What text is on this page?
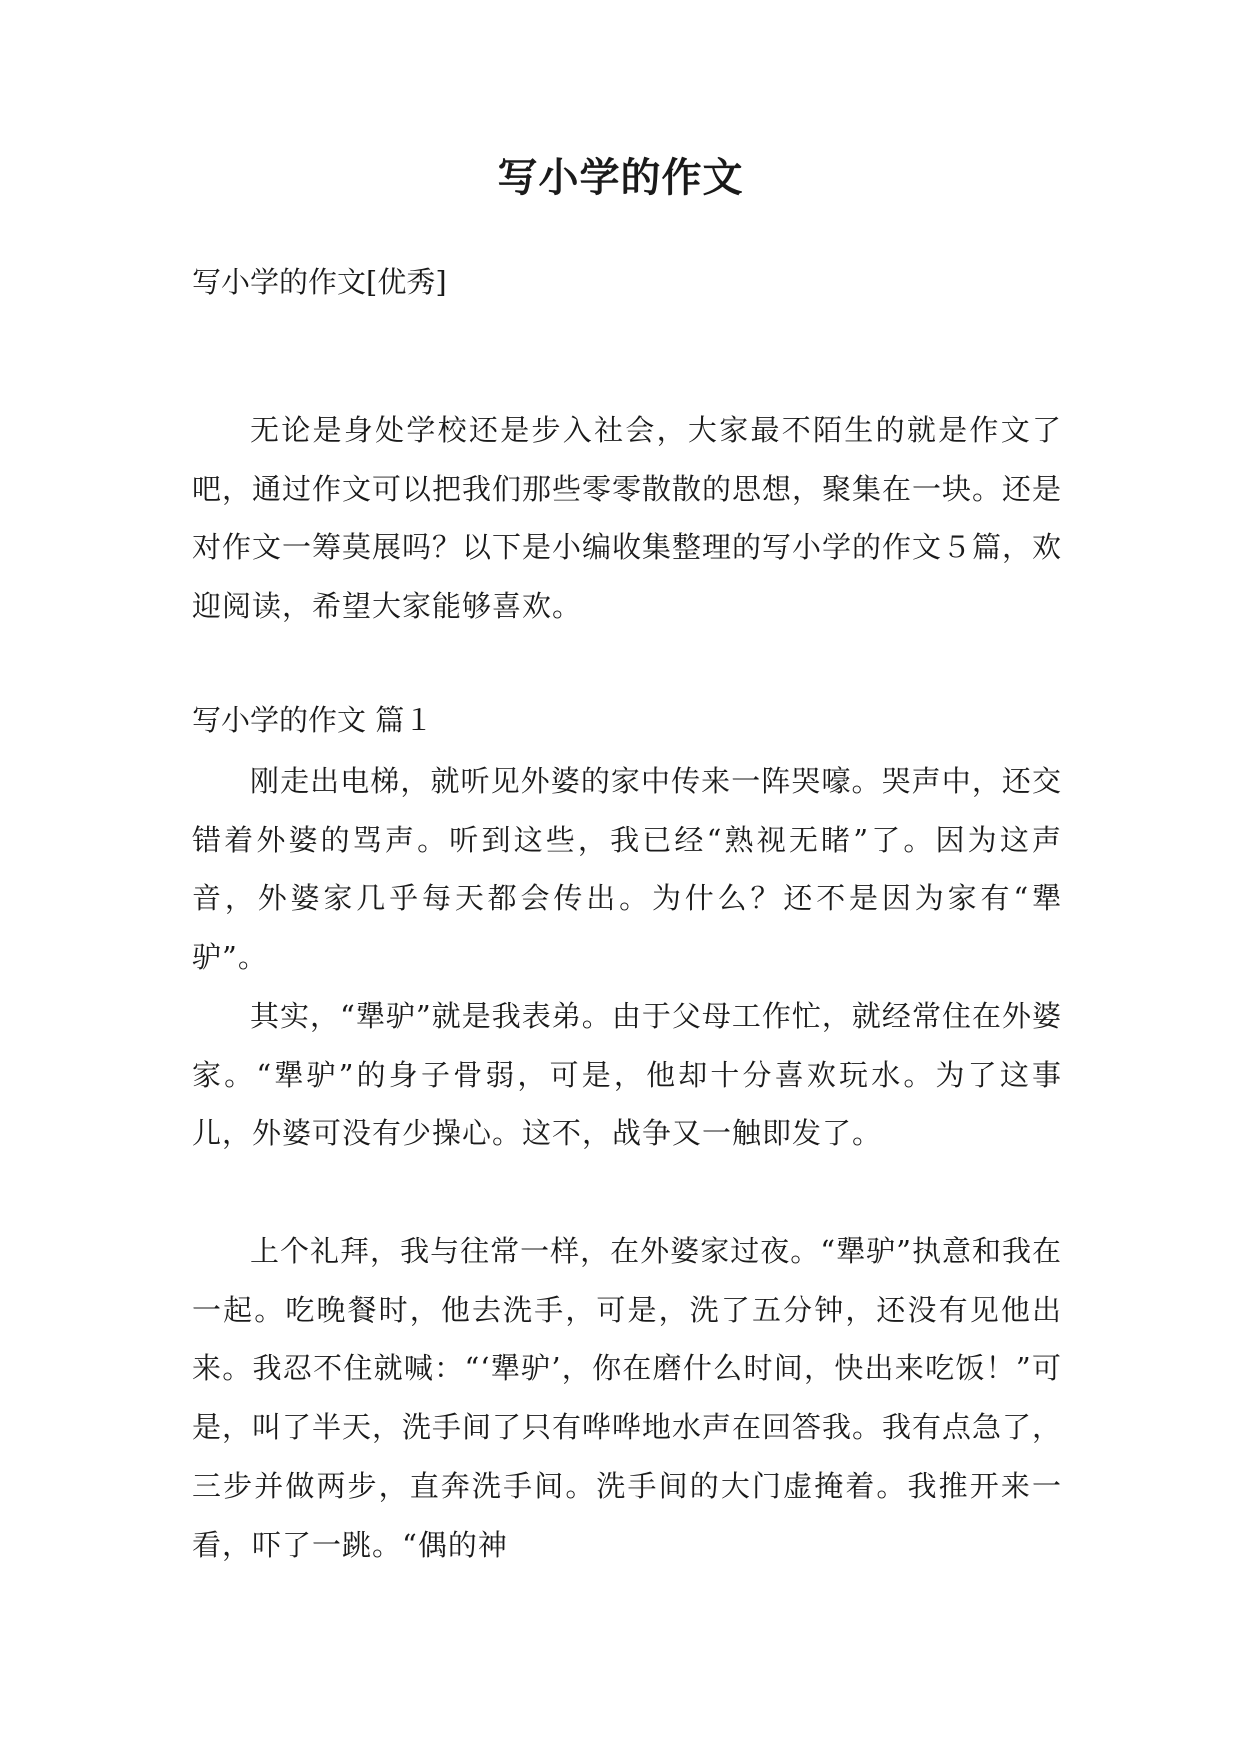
写小学的作文

写小学的作文[优秀]

无论是身处学校还是步入社会，大家最不陌生的就是作文了吧，通过作文可以把我们那些零零散散的思想，聚集在一块。还是对作文一筹莫展吗？以下是小编收集整理的写小学的作文５篇，欢迎阅读，希望大家能够喜欢。

写小学的作文 篇１

刚走出电梯，就听见外婆的家中传来一阵哭嚎。哭声中，还交错着外婆的骂声。听到这些，我已经“熟视无睹”了。因为这声音，外婆家几乎每天都会传出。为什么？还不是因为家有“犟驴”。

其实，“犟驴”就是我表弟。由于父母工作忙，就经常住在外婆家。“犟驴”的身子骨弱，可是，他却十分喜欢玩水。为了这事儿，外婆可没有少操心。这不，战争又一触即发了。

上个礼拜，我与往常一样，在外婆家过夜。“犟驴”执意和我在一起。吃晚餐时，他去洗手，可是，洗了五分钟，还没有见他出来。我忍不住就喊：“‘犟驴’，你在磨什么时间，快出来吃饭！”可是，叫了半天，洗手间了只有哗哗地水声在回答我。我有点急了，三步并做两步，直奔洗手间。洗手间的大门虚掩着。我推开来一看，吓了一跳。“偶的神
